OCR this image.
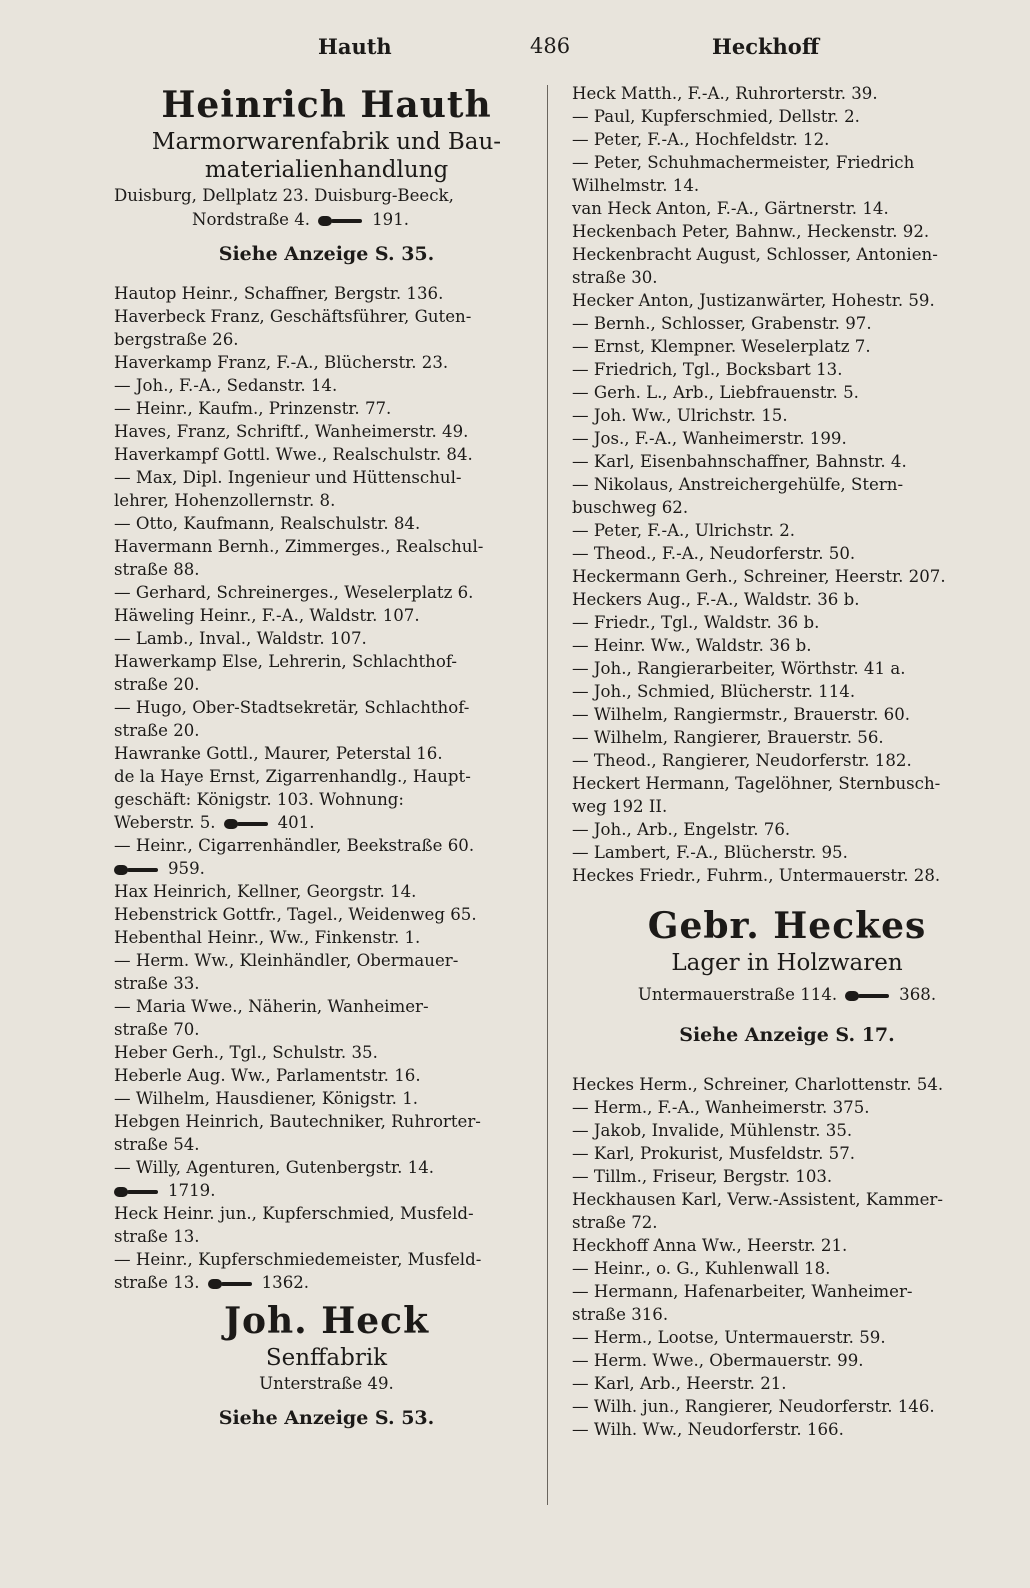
Hauth	486	Heckhoff
Heinrich Hauth
Marmorwarenfabrik und Bau-
materialienhandlung
Duisburg, Dellplatz 23. Duisburg-Beeck,
Nordstraße 4.	191.
Siehe Anzeige S. 35.
Hautop Heinr., Schaffner, Bergstr. 136.
Haverbeck Franz, Geschäftsführer, Guten-
bergstraße 26.
Haverkamp Franz, F.-A., Blücherstr. 23.
— Joh., F.-A., Sedanstr. 14.
— Heinr., Kaufm., Prinzenstr. 77.
Haves, Franz, Schriftf., Wanheimerstr. 49.
Haverkampf Gottl. Wwe., Realschulstr. 84.
— Max, Dipl. Ingenieur und Hüttenschul-
lehrer, Hohenzollernstr. 8.
— Otto, Kaufmann, Realschulstr. 84.
Havermann Bernh., Zimmerges., Realschul-
straße 88.
— Gerhard, Schreinerges., Weselerplatz 6.
Häweling Heinr., F.-A., Waldstr. 107.
— Lamb., Inval., Waldstr. 107.
Hawerkamp Else, Lehrerin, Schlachthof-
straße 20.
— Hugo, Ober-Stadtsekretär, Schlachthof-
straße 20.
Hawranke Gottl., Maurer, Peterstal 16.
de la Haye Ernst, Zigarrenhandlg., Haupt-
geschäft: Königstr. 103. Wohnung:
Weberstr. 5.	401.
— Heinr., Cigarrenhändler, Beekstraße 60.
959.
Hax Heinrich, Kellner, Georgstr. 14.
Hebenstrick Gottfr., Tagel., Weidenweg 65.
Hebenthal Heinr., Ww., Finkenstr. 1.
— Herm. Ww., Kleinhändler, Obermauer-
straße 33.
— Maria Wwe., Näherin, Wanheimer-
straße 70.
Heber Gerh., Tgl., Schulstr. 35.
Heberle Aug. Ww., Parlamentstr. 16.
— Wilhelm, Hausdiener, Königstr. 1.
Hebgen Heinrich, Bautechniker, Ruhrorter-
straße 54.
— Willy, Agenturen, Gutenbergstr. 14.
1719.
Heck Heinr. jun., Kupferschmied, Musfeld-
straße 13.
— Heinr., Kupferschmiedemeister, Musfeld-
straße 13.	1362.
Joh. Heck
Senffabrik
Unterstraße 49.
Siehe Anzeige S. 53.
Heck Matth., F.-A., Ruhrorterstr. 39.
— Paul, Kupferschmied, Dellstr. 2.
— Peter, F.-A., Hochfeldstr. 12.
— Peter, Schuhmachermeister, Friedrich
Wilhelmstr. 14.
van Heck Anton, F.-A., Gärtnerstr. 14.
Heckenbach Peter, Bahnw., Heckenstr. 92.
Heckenbracht August, Schlosser, Antonien-
straße 30.
Hecker Anton, Justizanwärter, Hohestr. 59.
— Bernh., Schlosser, Grabenstr. 97.
— Ernst, Klempner. Weselerplatz 7.
— Friedrich, Tgl., Bocksbart 13.
— Gerh. L., Arb., Liebfrauenstr. 5.
— Joh. Ww., Ulrichstr. 15.
— Jos., F.-A., Wanheimerstr. 199.
— Karl, Eisenbahnschaffner, Bahnstr. 4.
— Nikolaus, Anstreichergehülfe, Stern-
buschweg 62.
— Peter, F.-A., Ulrichstr. 2.
— Theod., F.-A., Neudorferstr. 50.
Heckermann Gerh., Schreiner, Heerstr. 207.
Heckers Aug., F.-A., Waldstr. 36 b.
— Friedr., Tgl., Waldstr. 36 b.
— Heinr. Ww., Waldstr. 36 b.
— Joh., Rangierarbeiter, Wörthstr. 41 a.
— Joh., Schmied, Blücherstr. 114.
— Wilhelm, Rangiermstr., Brauerstr. 60.
— Wilhelm, Rangierer, Brauerstr. 56.
— Theod., Rangierer, Neudorferstr. 182.
Heckert Hermann, Tagelöhner, Sternbusch-
weg 192 II.
— Joh., Arb., Engelstr. 76.
— Lambert, F.-A., Blücherstr. 95.
Heckes Friedr., Fuhrm., Untermauerstr. 28.
Gebr. Heckes
Lager in Holzwaren
Untermauerstraße 114.	368.
Siehe Anzeige S. 17.
Heckes Herm., Schreiner, Charlottenstr. 54.
— Herm., F.-A., Wanheimerstr. 375.
— Jakob, Invalide, Mühlenstr. 35.
— Karl, Prokurist, Musfeldstr. 57.
— Tillm., Friseur, Bergstr. 103.
Heckhausen Karl, Verw.-Assistent, Kammer-
straße 72.
Heckhoff Anna Ww., Heerstr. 21.
— Heinr., o. G., Kuhlenwall 18.
— Hermann, Hafenarbeiter, Wanheimer-
straße 316.
— Herm., Lootse, Untermauerstr. 59.
— Herm. Wwe., Obermauerstr. 99.
— Karl, Arb., Heerstr. 21.
— Wilh. jun., Rangierer, Neudorferstr. 146.
— Wilh. Ww., Neudorferstr. 166.
